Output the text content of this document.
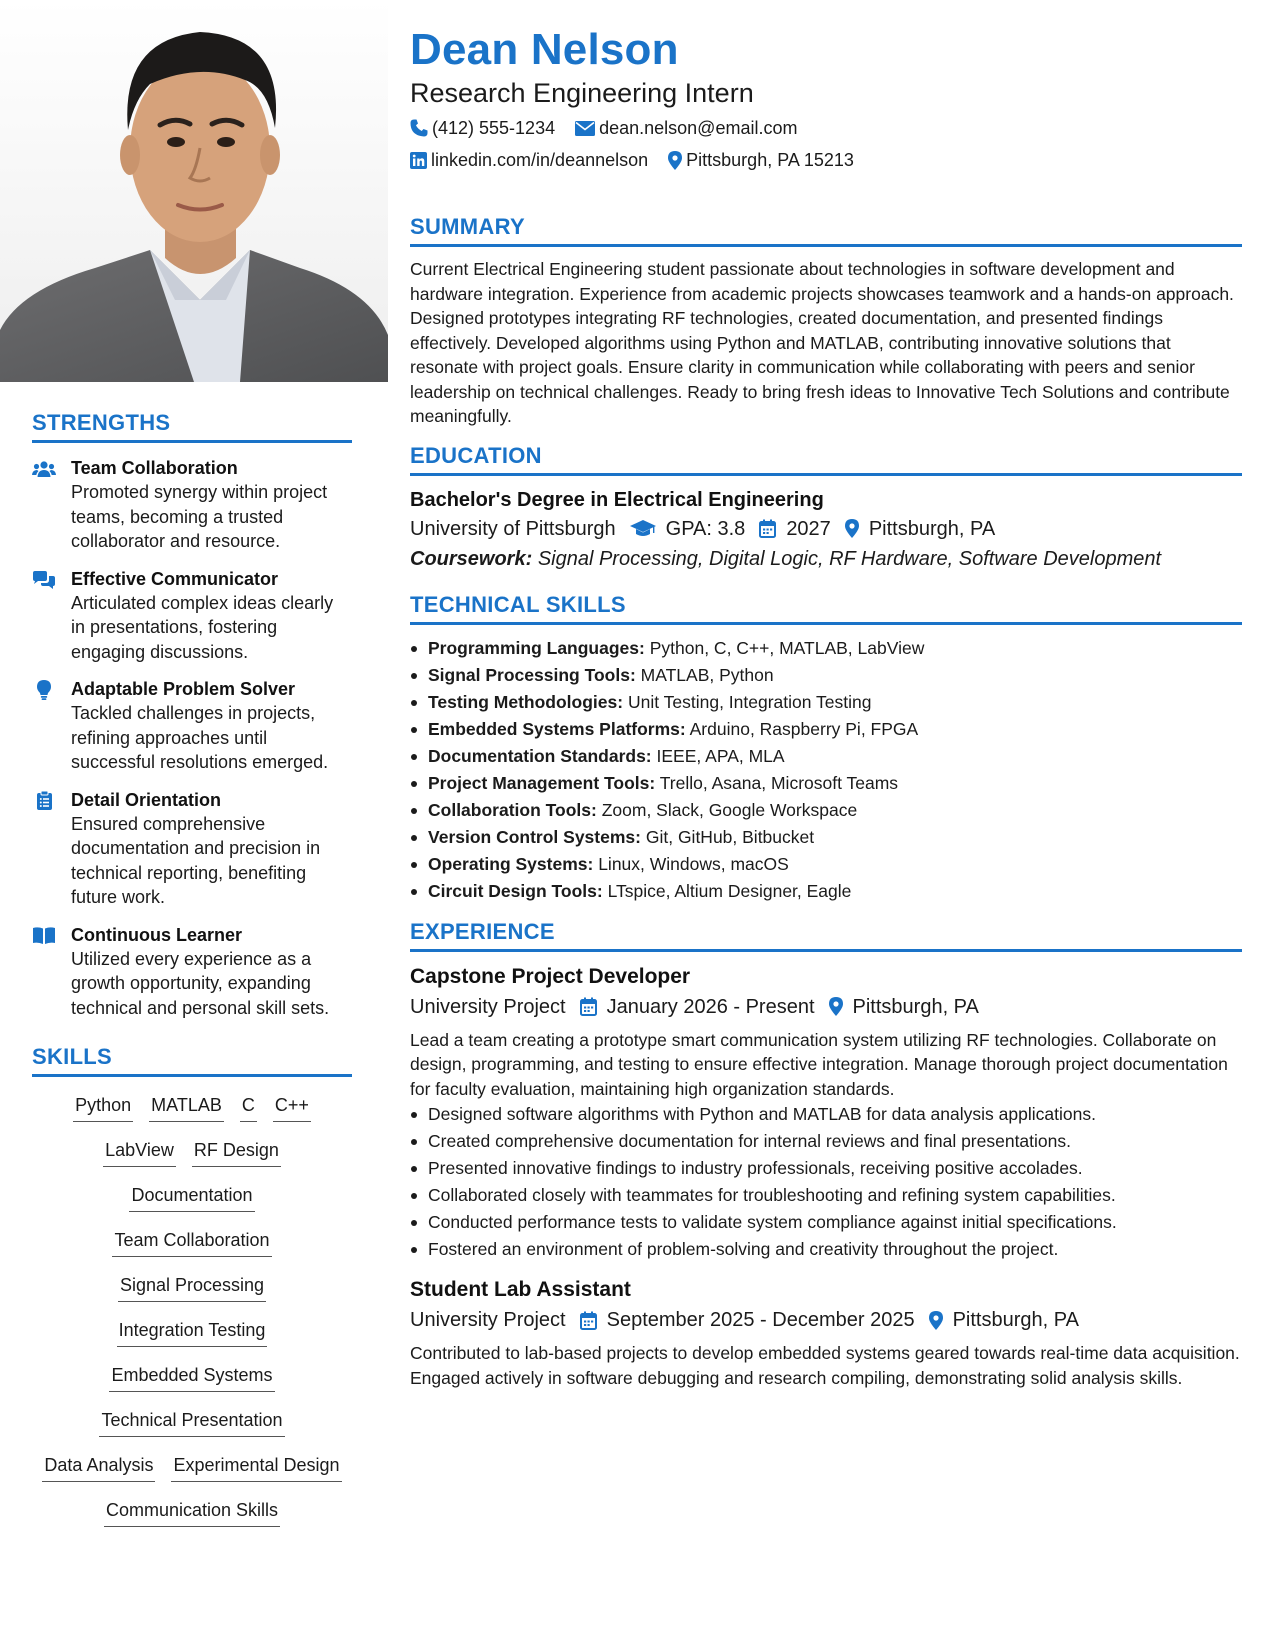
STRENGTHS
Team Collaboration
Promoted synergy within project teams, becoming a trusted collaborator and resource.
Effective Communicator
Articulated complex ideas clearly in presentations, fostering engaging discussions.
Adaptable Problem Solver
Tackled challenges in projects, refining approaches until successful resolutions emerged.
Detail Orientation
Ensured comprehensive documentation and precision in technical reporting, benefiting future work.
Continuous Learner
Utilized every experience as a growth opportunity, expanding technical and personal skill sets.
SKILLS
Python MATLAB C C++
LabView RF Design
Documentation
Team Collaboration
Signal Processing
Integration Testing
Embedded Systems
Technical Presentation
Data Analysis Experimental Design
Communication Skills
Dean Nelson
Research Engineering Intern
(412) 555-1234 dean.nelson@email.com
linkedin.com/in/deannelson Pittsburgh, PA 15213
SUMMARY
Current Electrical Engineering student passionate about technologies in software development and hardware integration. Experience from academic projects showcases teamwork and a hands-on approach. Designed prototypes integrating RF technologies, created documentation, and presented findings effectively. Developed algorithms using Python and MATLAB, contributing innovative solutions that resonate with project goals. Ensure clarity in communication while collaborating with peers and senior leadership on technical challenges. Ready to bring fresh ideas to Innovative Tech Solutions and contribute meaningfully.
EDUCATION
Bachelor's Degree in Electrical Engineering
University of Pittsburgh	GPA: 3.8 2027 Pittsburgh, PA
Coursework: Signal Processing, Digital Logic, RF Hardware, Software Development
TECHNICAL SKILLS
Programming Languages: Python, C, C++, MATLAB, LabView
Signal Processing Tools: MATLAB, Python
Testing Methodologies: Unit Testing, Integration Testing
Embedded Systems Platforms: Arduino, Raspberry Pi, FPGA
Documentation Standards: IEEE, APA, MLA
Project Management Tools: Trello, Asana, Microsoft Teams
Collaboration Tools: Zoom, Slack, Google Workspace
Version Control Systems: Git, GitHub, Bitbucket
Operating Systems: Linux, Windows, macOS
Circuit Design Tools: LTspice, Altium Designer, Eagle
EXPERIENCE
Capstone Project Developer
University Project January 2026 - Present Pittsburgh, PA
Lead a team creating a prototype smart communication system utilizing RF technologies. Collaborate on design, programming, and testing to ensure effective integration. Manage thorough project documentation for faculty evaluation, maintaining high organization standards.
Designed software algorithms with Python and MATLAB for data analysis applications.
Created comprehensive documentation for internal reviews and final presentations.
Presented innovative findings to industry professionals, receiving positive accolades.
Collaborated closely with teammates for troubleshooting and refining system capabilities.
Conducted performance tests to validate system compliance against initial specifications.
Fostered an environment of problem-solving and creativity throughout the project.
Student Lab Assistant
University Project September 2025 - December 2025 Pittsburgh, PA
Contributed to lab-based projects to develop embedded systems geared towards real-time data acquisition. Engaged actively in software debugging and research compiling, demonstrating solid analysis skills.
